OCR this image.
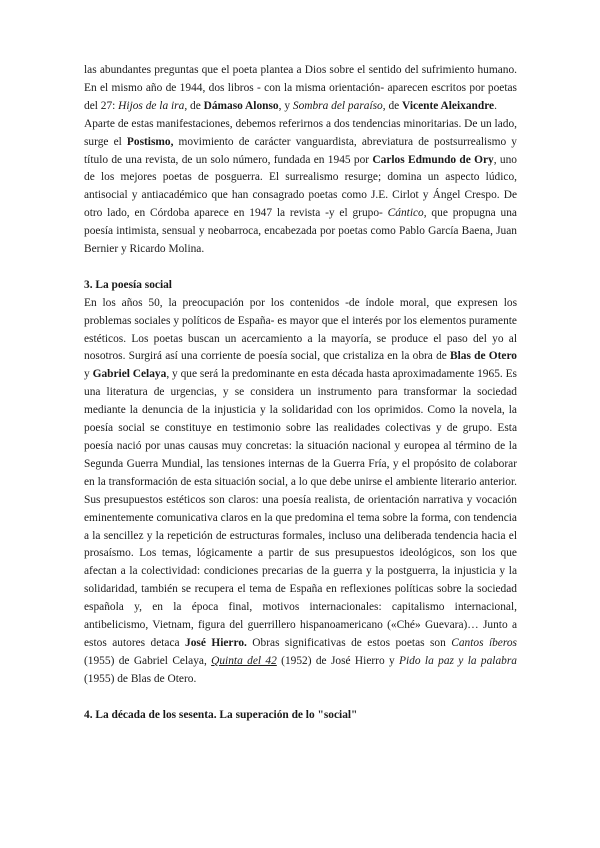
las abundantes preguntas que el poeta plantea a Dios sobre el sentido del sufrimiento humano. En el mismo año de 1944, dos libros - con la misma orientación- aparecen escritos por poetas del 27: Hijos de la ira, de Dámaso Alonso, y Sombra del paraíso, de Vicente Aleixandre.

Aparte de estas manifestaciones, debemos referirnos a dos tendencias minoritarias. De un lado, surge el Postismo, movimiento de carácter vanguardista, abreviatura de postsurrealismo y título de una revista, de un solo número, fundada en 1945 por Carlos Edmundo de Ory, uno de los mejores poetas de posguerra. El surrealismo resurge; domina un aspecto lúdico, antisocial y antiacadémico que han consagrado poetas como J.E. Cirlot y Ángel Crespo. De otro lado, en Córdoba aparece en 1947 la revista -y el grupo- Cántico, que propugna una poesía intimista, sensual y neobarroca, encabezada por poetas como Pablo García Baena, Juan Bernier y Ricardo Molina.

3. La poesía social

En los años 50, la preocupación por los contenidos -de índole moral, que expresen los problemas sociales y políticos de España- es mayor que el interés por los elementos puramente estéticos. Los poetas buscan un acercamiento a la mayoría, se produce el paso del yo al nosotros. Surgirá así una corriente de poesía social, que cristaliza en la obra de Blas de Otero y Gabriel Celaya, y que será la predominante en esta década hasta aproximadamente 1965. Es una literatura de urgencias, y se considera un instrumento para transformar la sociedad mediante la denuncia de la injusticia y la solidaridad con los oprimidos. Como la novela, la poesía social se constituye en testimonio sobre las realidades colectivas y de grupo. Esta poesía nació por unas causas muy concretas: la situación nacional y europea al término de la Segunda Guerra Mundial, las tensiones internas de la Guerra Fría, y el propósito de colaborar en la transformación de esta situación social, a lo que debe unirse el ambiente literario anterior. Sus presupuestos estéticos son claros: una poesía realista, de orientación narrativa y vocación eminentemente comunicativa claros en la que predomina el tema sobre la forma, con tendencia a la sencillez y la repetición de estructuras formales, incluso una deliberada tendencia hacia el prosaísmo. Los temas, lógicamente a partir de sus presupuestos ideológicos, son los que afectan a la colectividad: condiciones precarias de la guerra y la postguerra, la injusticia y la solidaridad, también se recupera el tema de España en reflexiones políticas sobre la sociedad española y, en la época final, motivos internacionales: capitalismo internacional, antibelicismo, Vietnam, figura del guerrillero hispanoamericano («Ché» Guevara)… Junto a estos autores detaca José Hierro. Obras significativas de estos poetas son Cantos íberos (1955) de Gabriel Celaya, Quinta del 42 (1952) de José Hierro y Pido la paz y la palabra (1955) de Blas de Otero.

4. La década de los sesenta. La superación de lo "social"
